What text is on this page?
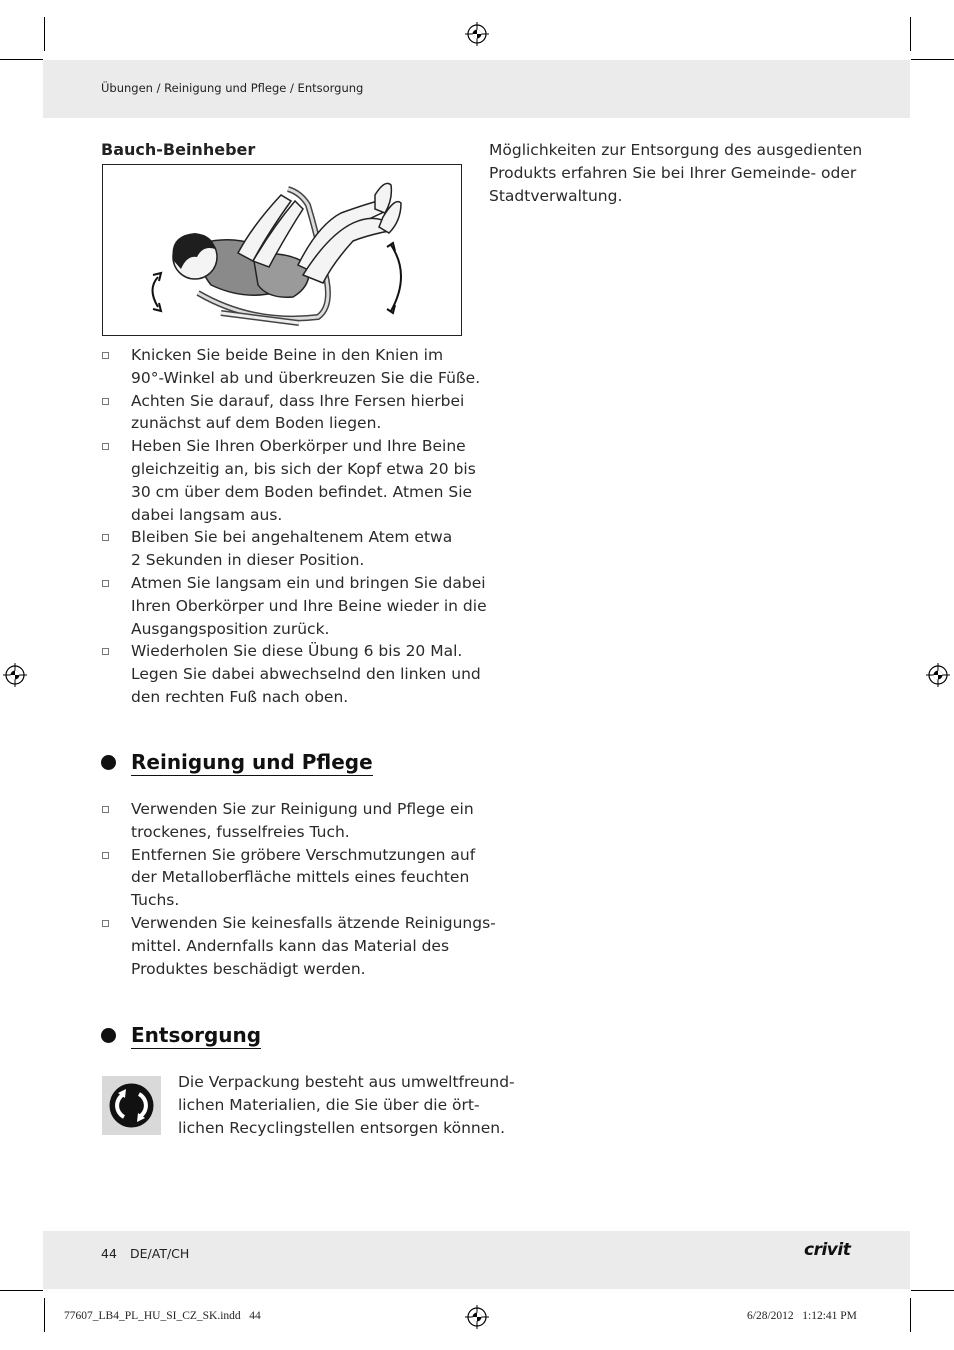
Übungen / Reinigung und Pflege / Entsorgung
Bauch-Beinheber
Knicken Sie beide Beine in den Knien im
90°-Winkel ab und überkreuzen Sie die Füße.
Achten Sie darauf, dass Ihre Fersen hierbei
zunächst auf dem Boden liegen.
Heben Sie Ihren Oberkörper und Ihre Beine
gleichzeitig an, bis sich der Kopf etwa 20 bis
30 cm über dem Boden befindet. Atmen Sie
dabei langsam aus.
Bleiben Sie bei angehaltenem Atem etwa
2 Sekunden in dieser Position.
Atmen Sie langsam ein und bringen Sie dabei
Ihren Oberkörper und Ihre Beine wieder in die
Ausgangsposition zurück.
Wiederholen Sie diese Übung 6 bis 20 Mal.
Legen Sie dabei abwechselnd den linken und
den rechten Fuß nach oben.
Reinigung und Pflege
Verwenden Sie zur Reinigung und Pflege ein
trockenes, fusselfreies Tuch.
Entfernen Sie gröbere Verschmutzungen auf
der Metalloberfläche mittels eines feuchten
Tuchs.
Verwenden Sie keinesfalls ätzende Reinigungs-
mittel. Andernfalls kann das Material des
Produktes beschädigt werden.
Entsorgung
Die Verpackung besteht aus umweltfreund-
lichen Materialien, die Sie über die ört-
lichen Recyclingstellen entsorgen können.
Möglichkeiten zur Entsorgung des ausgedienten
Produkts erfahren Sie bei Ihrer Gemeinde- oder
Stadtverwaltung.
44 DE/AT/CH	crivit
77607_LB4_PL_HU_SI_CZ_SK.indd   44	6/28/2012   1:12:41 PM
